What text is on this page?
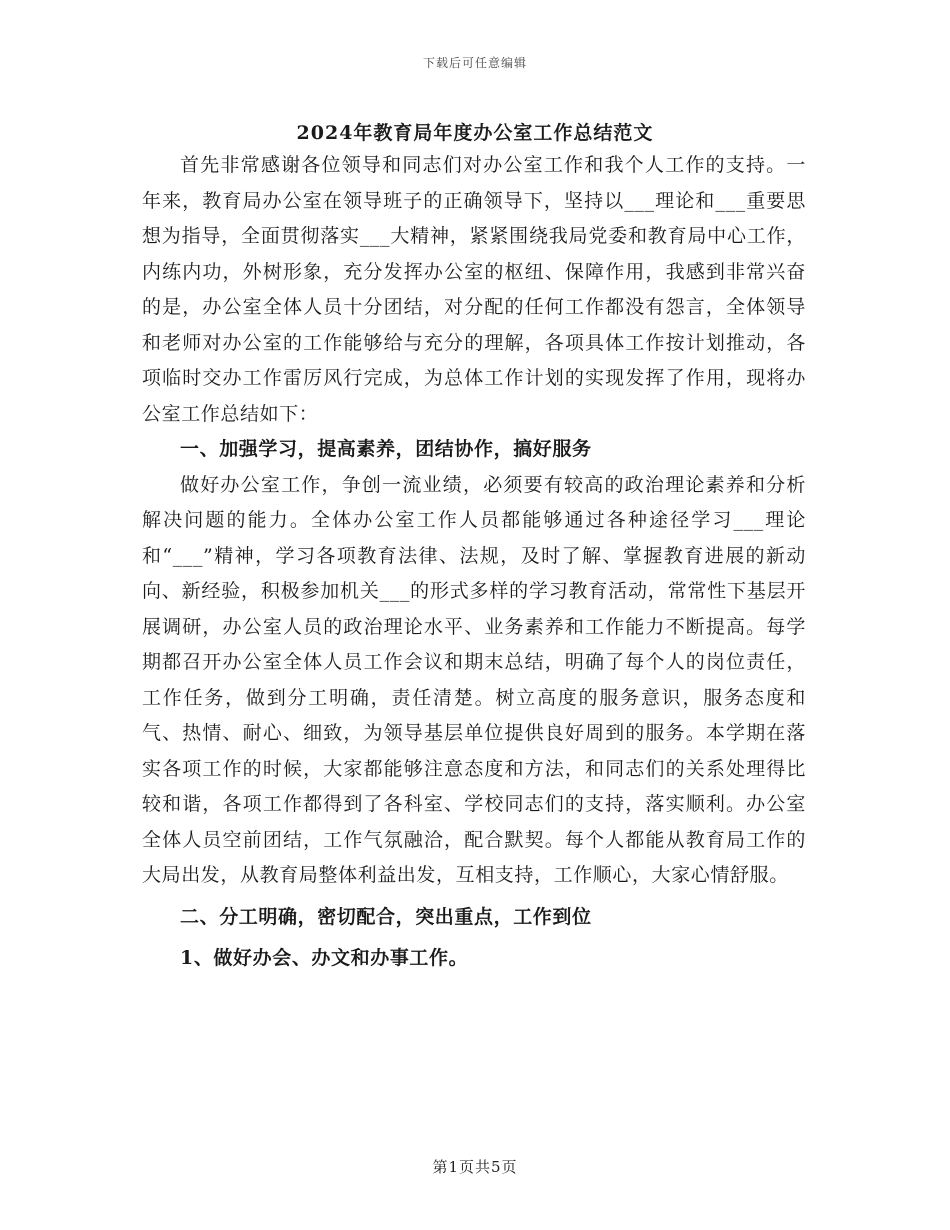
下载后可任意编辑
2024年教育局年度办公室工作总结范文

首先非常感谢各位领导和同志们对办公室工作和我个人工作的支持。一年来，教育局办公室在领导班子的正确领导下，坚持以___理论和___重要思想为指导，全面贯彻落实___大精神，紧紧围绕我局党委和教育局中心工作，内练内功，外树形象，充分发挥办公室的枢纽、保障作用，我感到非常兴奋的是，办公室全体人员十分团结，对分配的任何工作都没有怨言，全体领导和老师对办公室的工作能够给与充分的理解，各项具体工作按计划推动，各项临时交办工作雷厉风行完成，为总体工作计划的实现发挥了作用，现将办公室工作总结如下：

一、加强学习，提高素养，团结协作，搞好服务

做好办公室工作，争创一流业绩，必须要有较高的政治理论素养和分析解决问题的能力。全体办公室工作人员都能够通过各种途径学习___理论和“___”精神，学习各项教育法律、法规，及时了解、掌握教育进展的新动向、新经验，积极参加机关___的形式多样的学习教育活动，常常性下基层开展调研，办公室人员的政治理论水平、业务素养和工作能力不断提高。每学期都召开办公室全体人员工作会议和期末总结，明确了每个人的岗位责任，工作任务，做到分工明确，责任清楚。树立高度的服务意识，服务态度和气、热情、耐心、细致，为领导基层单位提供良好周到的服务。本学期在落实各项工作的时候，大家都能够注意态度和方法，和同志们的关系处理得比较和谐，各项工作都得到了各科室、学校同志们的支持，落实顺利。办公室全体人员空前团结，工作气氛融洽，配合默契。每个人都能从教育局工作的大局出发，从教育局整体利益出发，互相支持，工作顺心，大家心情舒服。

二、分工明确，密切配合，突出重点，工作到位

1、做好办会、办文和办事工作。

第1页共5页
